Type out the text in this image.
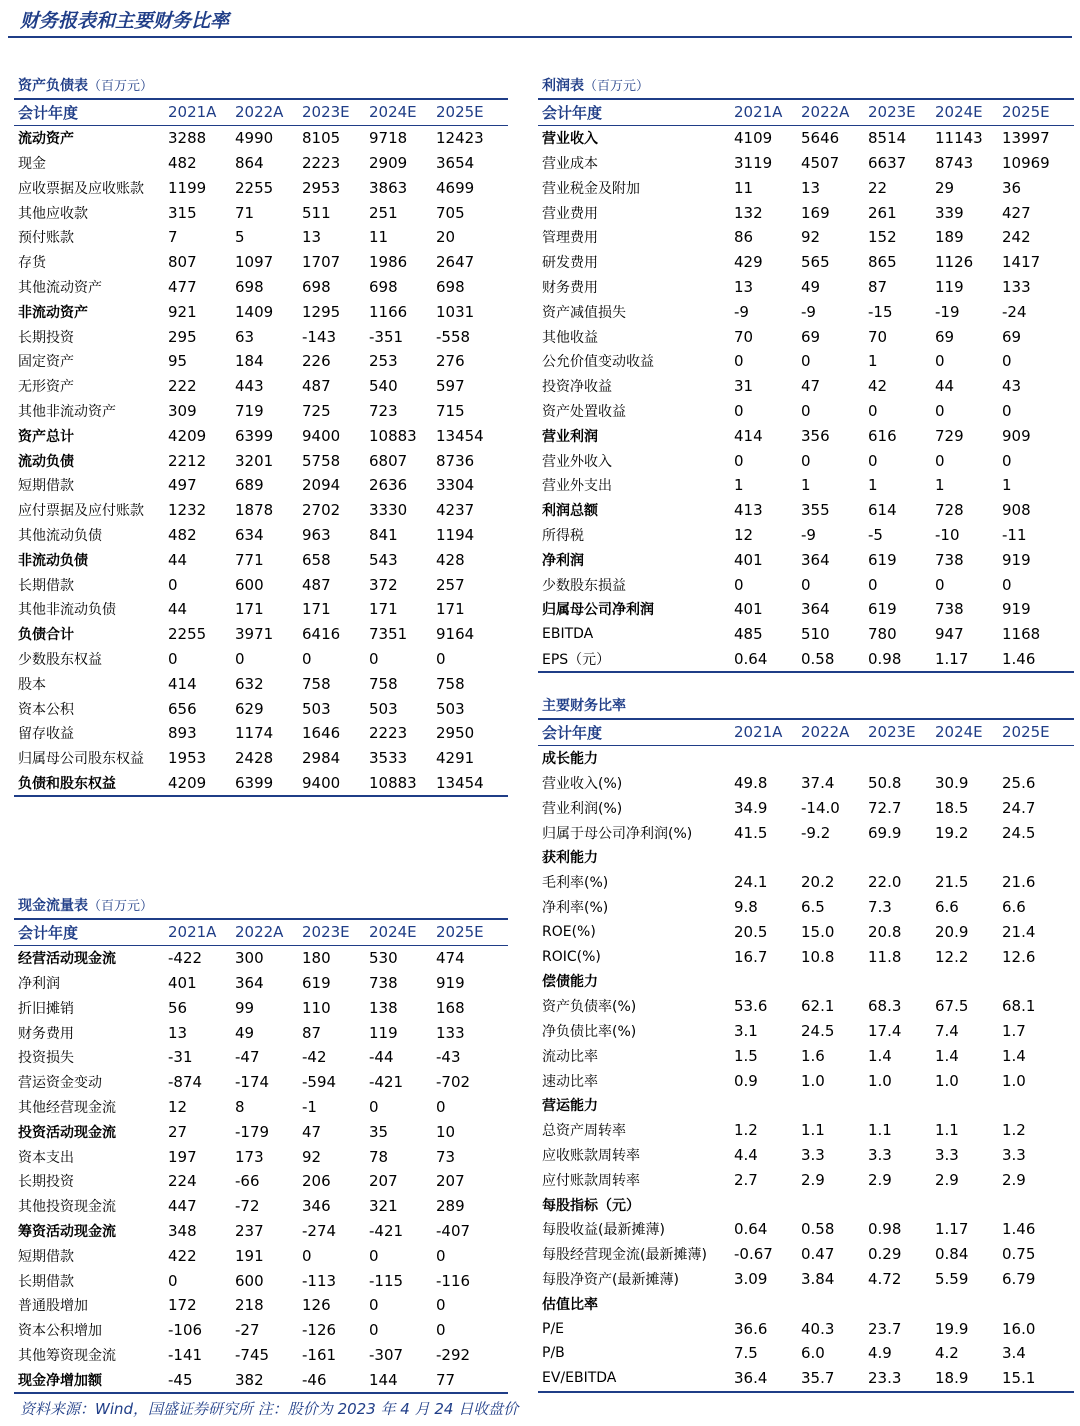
财务报表和主要财务比率
资产负债表（百万元）
会计年度	2021A	2022A	2023E	2024E	2025E
流动资产	3288	4990	8105	9718	12423
现金	482	864	2223	2909	3654
应收票据及应收账款	1199	2255	2953	3863	4699
其他应收款	315	71	511	251	705
预付账款	7	5	13	11	20
存货	807	1097	1707	1986	2647
其他流动资产	477	698	698	698	698
非流动资产	921	1409	1295	1166	1031
长期投资	295	63	-143	-351	-558
固定资产	95	184	226	253	276
无形资产	222	443	487	540	597
其他非流动资产	309	719	725	723	715
资产总计	4209	6399	9400	10883	13454
流动负债	2212	3201	5758	6807	8736
短期借款	497	689	2094	2636	3304
应付票据及应付账款	1232	1878	2702	3330	4237
其他流动负债	482	634	963	841	1194
非流动负债	44	771	658	543	428
长期借款	0	600	487	372	257
其他非流动负债	44	171	171	171	171
负债合计	2255	3971	6416	7351	9164
少数股东权益	0	0	0	0	0
股本	414	632	758	758	758
资本公积	656	629	503	503	503
留存收益	893	1174	1646	2223	2950
归属母公司股东权益	1953	2428	2984	3533	4291
负债和股东权益	4209	6399	9400	10883	13454
利润表（百万元）
会计年度	2021A	2022A	2023E	2024E	2025E
营业收入	4109	5646	8514	11143	13997
营业成本	3119	4507	6637	8743	10969
营业税金及附加	11	13	22	29	36
营业费用	132	169	261	339	427
管理费用	86	92	152	189	242
研发费用	429	565	865	1126	1417
财务费用	13	49	87	119	133
资产减值损失	-9	-9	-15	-19	-24
其他收益	70	69	70	69	69
公允价值变动收益	0	0	1	0	0
投资净收益	31	47	42	44	43
资产处置收益	0	0	0	0	0
营业利润	414	356	616	729	909
营业外收入	0	0	0	0	0
营业外支出	1	1	1	1	1
利润总额	413	355	614	728	908
所得税	12	-9	-5	-10	-11
净利润	401	364	619	738	919
少数股东损益	0	0	0	0	0
归属母公司净利润	401	364	619	738	919
EBITDA	485	510	780	947	1168
EPS（元）	0.64	0.58	0.98	1.17	1.46
主要财务比率
会计年度	2021A	2022A	2023E	2024E	2025E
成长能力					
营业收入(%)	49.8	37.4	50.8	30.9	25.6
营业利润(%)	34.9	-14.0	72.7	18.5	24.7
归属于母公司净利润(%)	41.5	-9.2	69.9	19.2	24.5
获利能力					
毛利率(%)	24.1	20.2	22.0	21.5	21.6
净利率(%)	9.8	6.5	7.3	6.6	6.6
ROE(%)	20.5	15.0	20.8	20.9	21.4
ROIC(%)	16.7	10.8	11.8	12.2	12.6
偿债能力					
资产负债率(%)	53.6	62.1	68.3	67.5	68.1
净负债比率(%)	3.1	24.5	17.4	7.4	1.7
流动比率	1.5	1.6	1.4	1.4	1.4
速动比率	0.9	1.0	1.0	1.0	1.0
营运能力					
总资产周转率	1.2	1.1	1.1	1.1	1.2
应收账款周转率	4.4	3.3	3.3	3.3	3.3
应付账款周转率	2.7	2.9	2.9	2.9	2.9
每股指标（元）					
每股收益(最新摊薄)	0.64	0.58	0.98	1.17	1.46
每股经营现金流(最新摊薄)	-0.67	0.47	0.29	0.84	0.75
每股净资产(最新摊薄)	3.09	3.84	4.72	5.59	6.79
估值比率					
P/E	36.6	40.3	23.7	19.9	16.0
P/B	7.5	6.0	4.9	4.2	3.4
EV/EBITDA	36.4	35.7	23.3	18.9	15.1
现金流量表（百万元）
会计年度	2021A	2022A	2023E	2024E	2025E
经营活动现金流	-422	300	180	530	474
净利润	401	364	619	738	919
折旧摊销	56	99	110	138	168
财务费用	13	49	87	119	133
投资损失	-31	-47	-42	-44	-43
营运资金变动	-874	-174	-594	-421	-702
其他经营现金流	12	8	-1	0	0
投资活动现金流	27	-179	47	35	10
资本支出	197	173	92	78	73
长期投资	224	-66	206	207	207
其他投资现金流	447	-72	346	321	289
筹资活动现金流	348	237	-274	-421	-407
短期借款	422	191	0	0	0
长期借款	0	600	-113	-115	-116
普通股增加	172	218	126	0	0
资本公积增加	-106	-27	-126	0	0
其他筹资现金流	-141	-745	-161	-307	-292
现金净增加额	-45	382	-46	144	77
资料来源：Wind，国盛证券研究所 注：股价为 2023 年 4 月 24 日收盘价
